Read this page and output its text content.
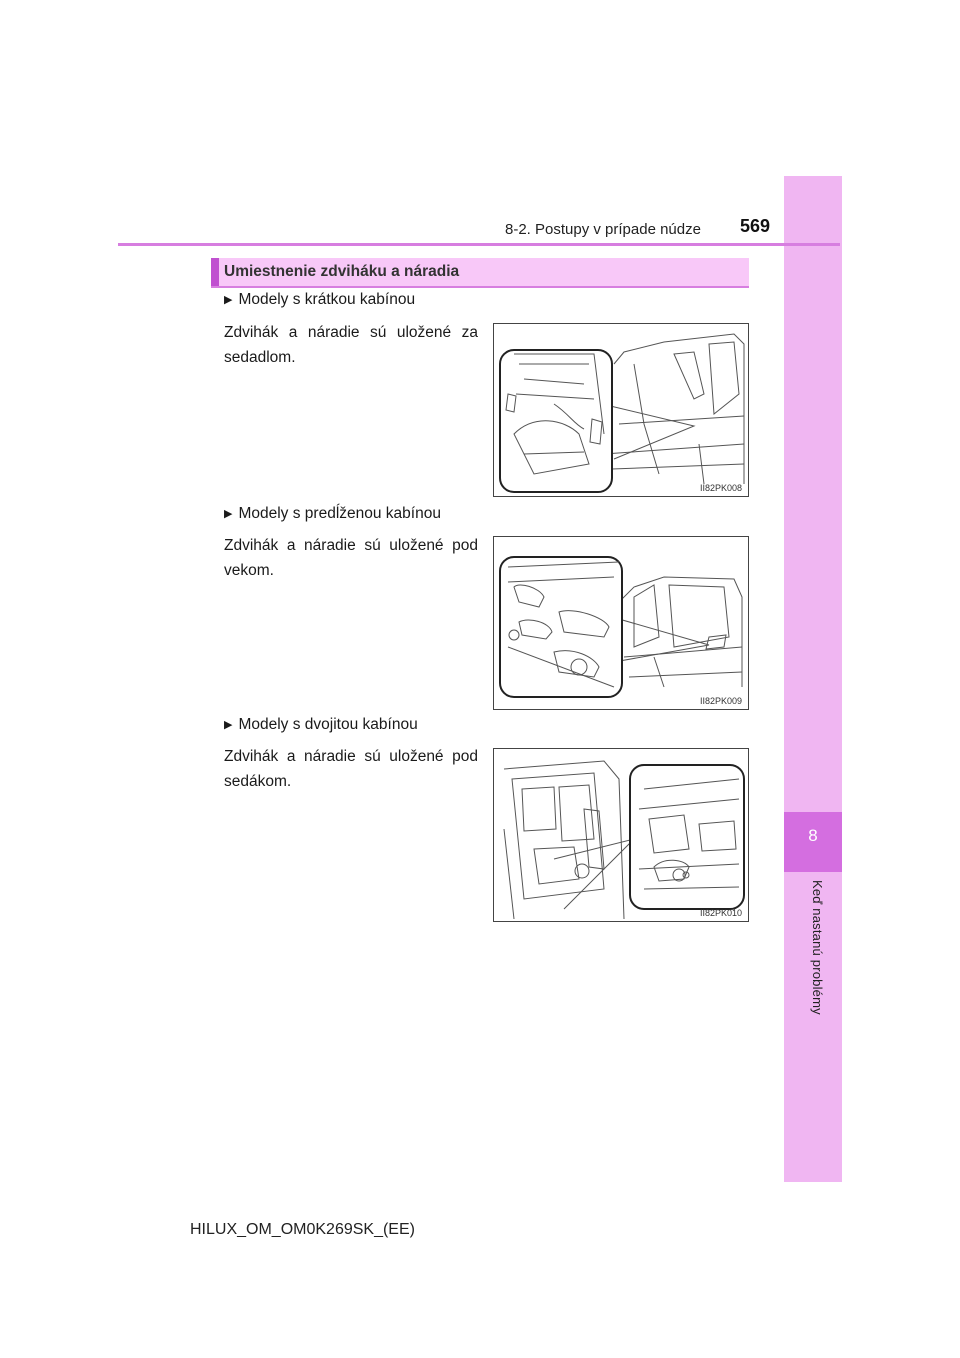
8
Keď nastanú problémy
8-2. Postupy v prípade núdze 569
Umiestnenie zdviháku a náradia
▶ Modely s krátkou kabínou
Zdvihák a náradie sú uložené za sedadlom.
II82PK008
▶ Modely s predĺženou kabínou
Zdvihák a náradie sú uložené pod vekom.
II82PK009
▶ Modely s dvojitou kabínou
Zdvihák a náradie sú uložené pod sedákom.
II82PK010
HILUX_OM_OM0K269SK_(EE)
